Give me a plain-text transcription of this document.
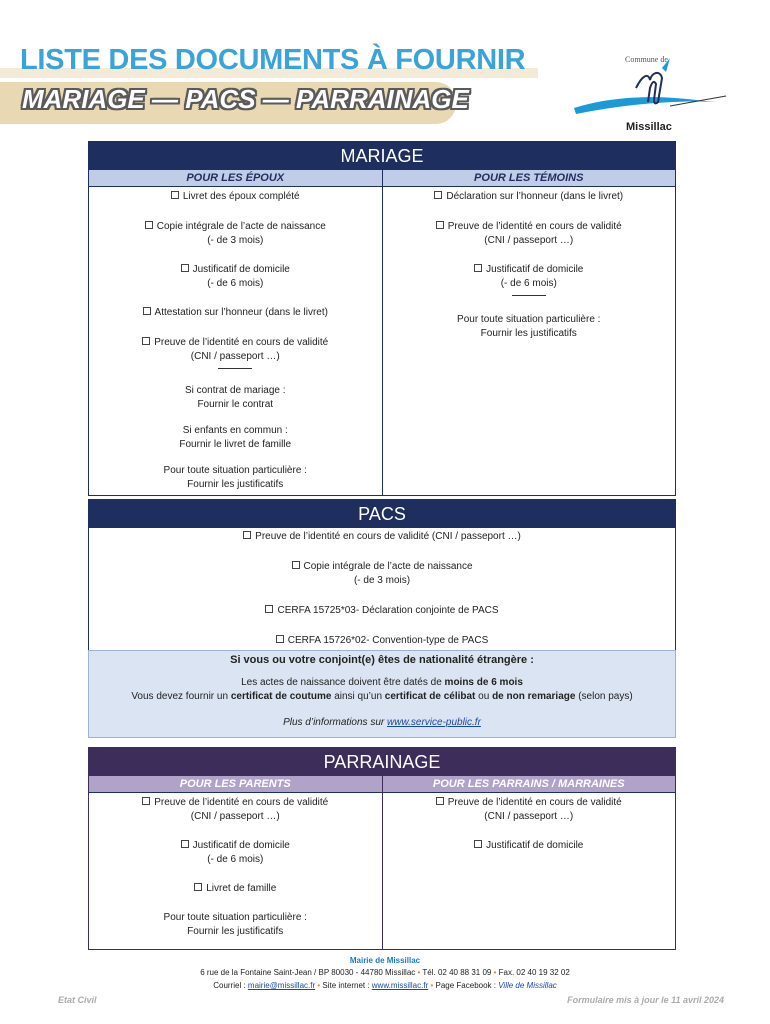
LISTE DES DOCUMENTS À FOURNIR
MARIAGE — PACS — PARRAINAGE
Commune de
Missillac
MARIAGE
POUR LES ÉPOUX
Livret des époux complété
Copie intégrale de l’acte de naissance
(- de 3 mois)
Justificatif de domicile
(- de 6 mois)
Attestation sur l’honneur (dans le livret)
Preuve de l’identité en cours de validité
(CNI / passeport …)
Si contrat de mariage :
Fournir le contrat
Si enfants en commun :
Fournir le livret de famille
Pour toute situation particulière :
Fournir les justificatifs
POUR LES TÉMOINS
Déclaration sur l’honneur (dans le livret)
Preuve de l’identité en cours de validité
(CNI / passeport …)
Justificatif de domicile
(- de 6 mois)
Pour toute situation particulière :
Fournir les justificatifs
PACS
Preuve de l’identité en cours de validité (CNI / passeport …)
Copie intégrale de l’acte de naissance
(- de 3 mois)
CERFA 15725*03- Déclaration conjointe de PACS
CERFA 15726*02- Convention-type de PACS
Si vous ou votre conjoint(e) êtes de nationalité étrangère :
Les actes de naissance doivent être datés de moins de 6 mois
Vous devez fournir un certificat de coutume ainsi qu’un certificat de célibat ou de non remariage (selon pays)
Plus d’informations sur www.service-public.fr
PARRAINAGE
POUR LES PARENTS
Preuve de l’identité en cours de validité
(CNI / passeport …)
Justificatif de domicile
(- de 6 mois)
Livret de famille
Pour toute situation particulière :
Fournir les justificatifs
POUR LES PARRAINS / MARRAINES
Preuve de l’identité en cours de validité
(CNI / passeport …)
Justificatif de domicile
Mairie de Missillac
6 rue de la Fontaine Saint-Jean / BP 80030 - 44780 Missillac • Tél. 02 40 88 31 09 • Fax. 02 40 19 32 02
Courriel : mairie@missillac.fr • Site internet : www.missillac.fr • Page Facebook : Ville de Missillac
Etat Civil	Formulaire mis à jour le 11 avril 2024
